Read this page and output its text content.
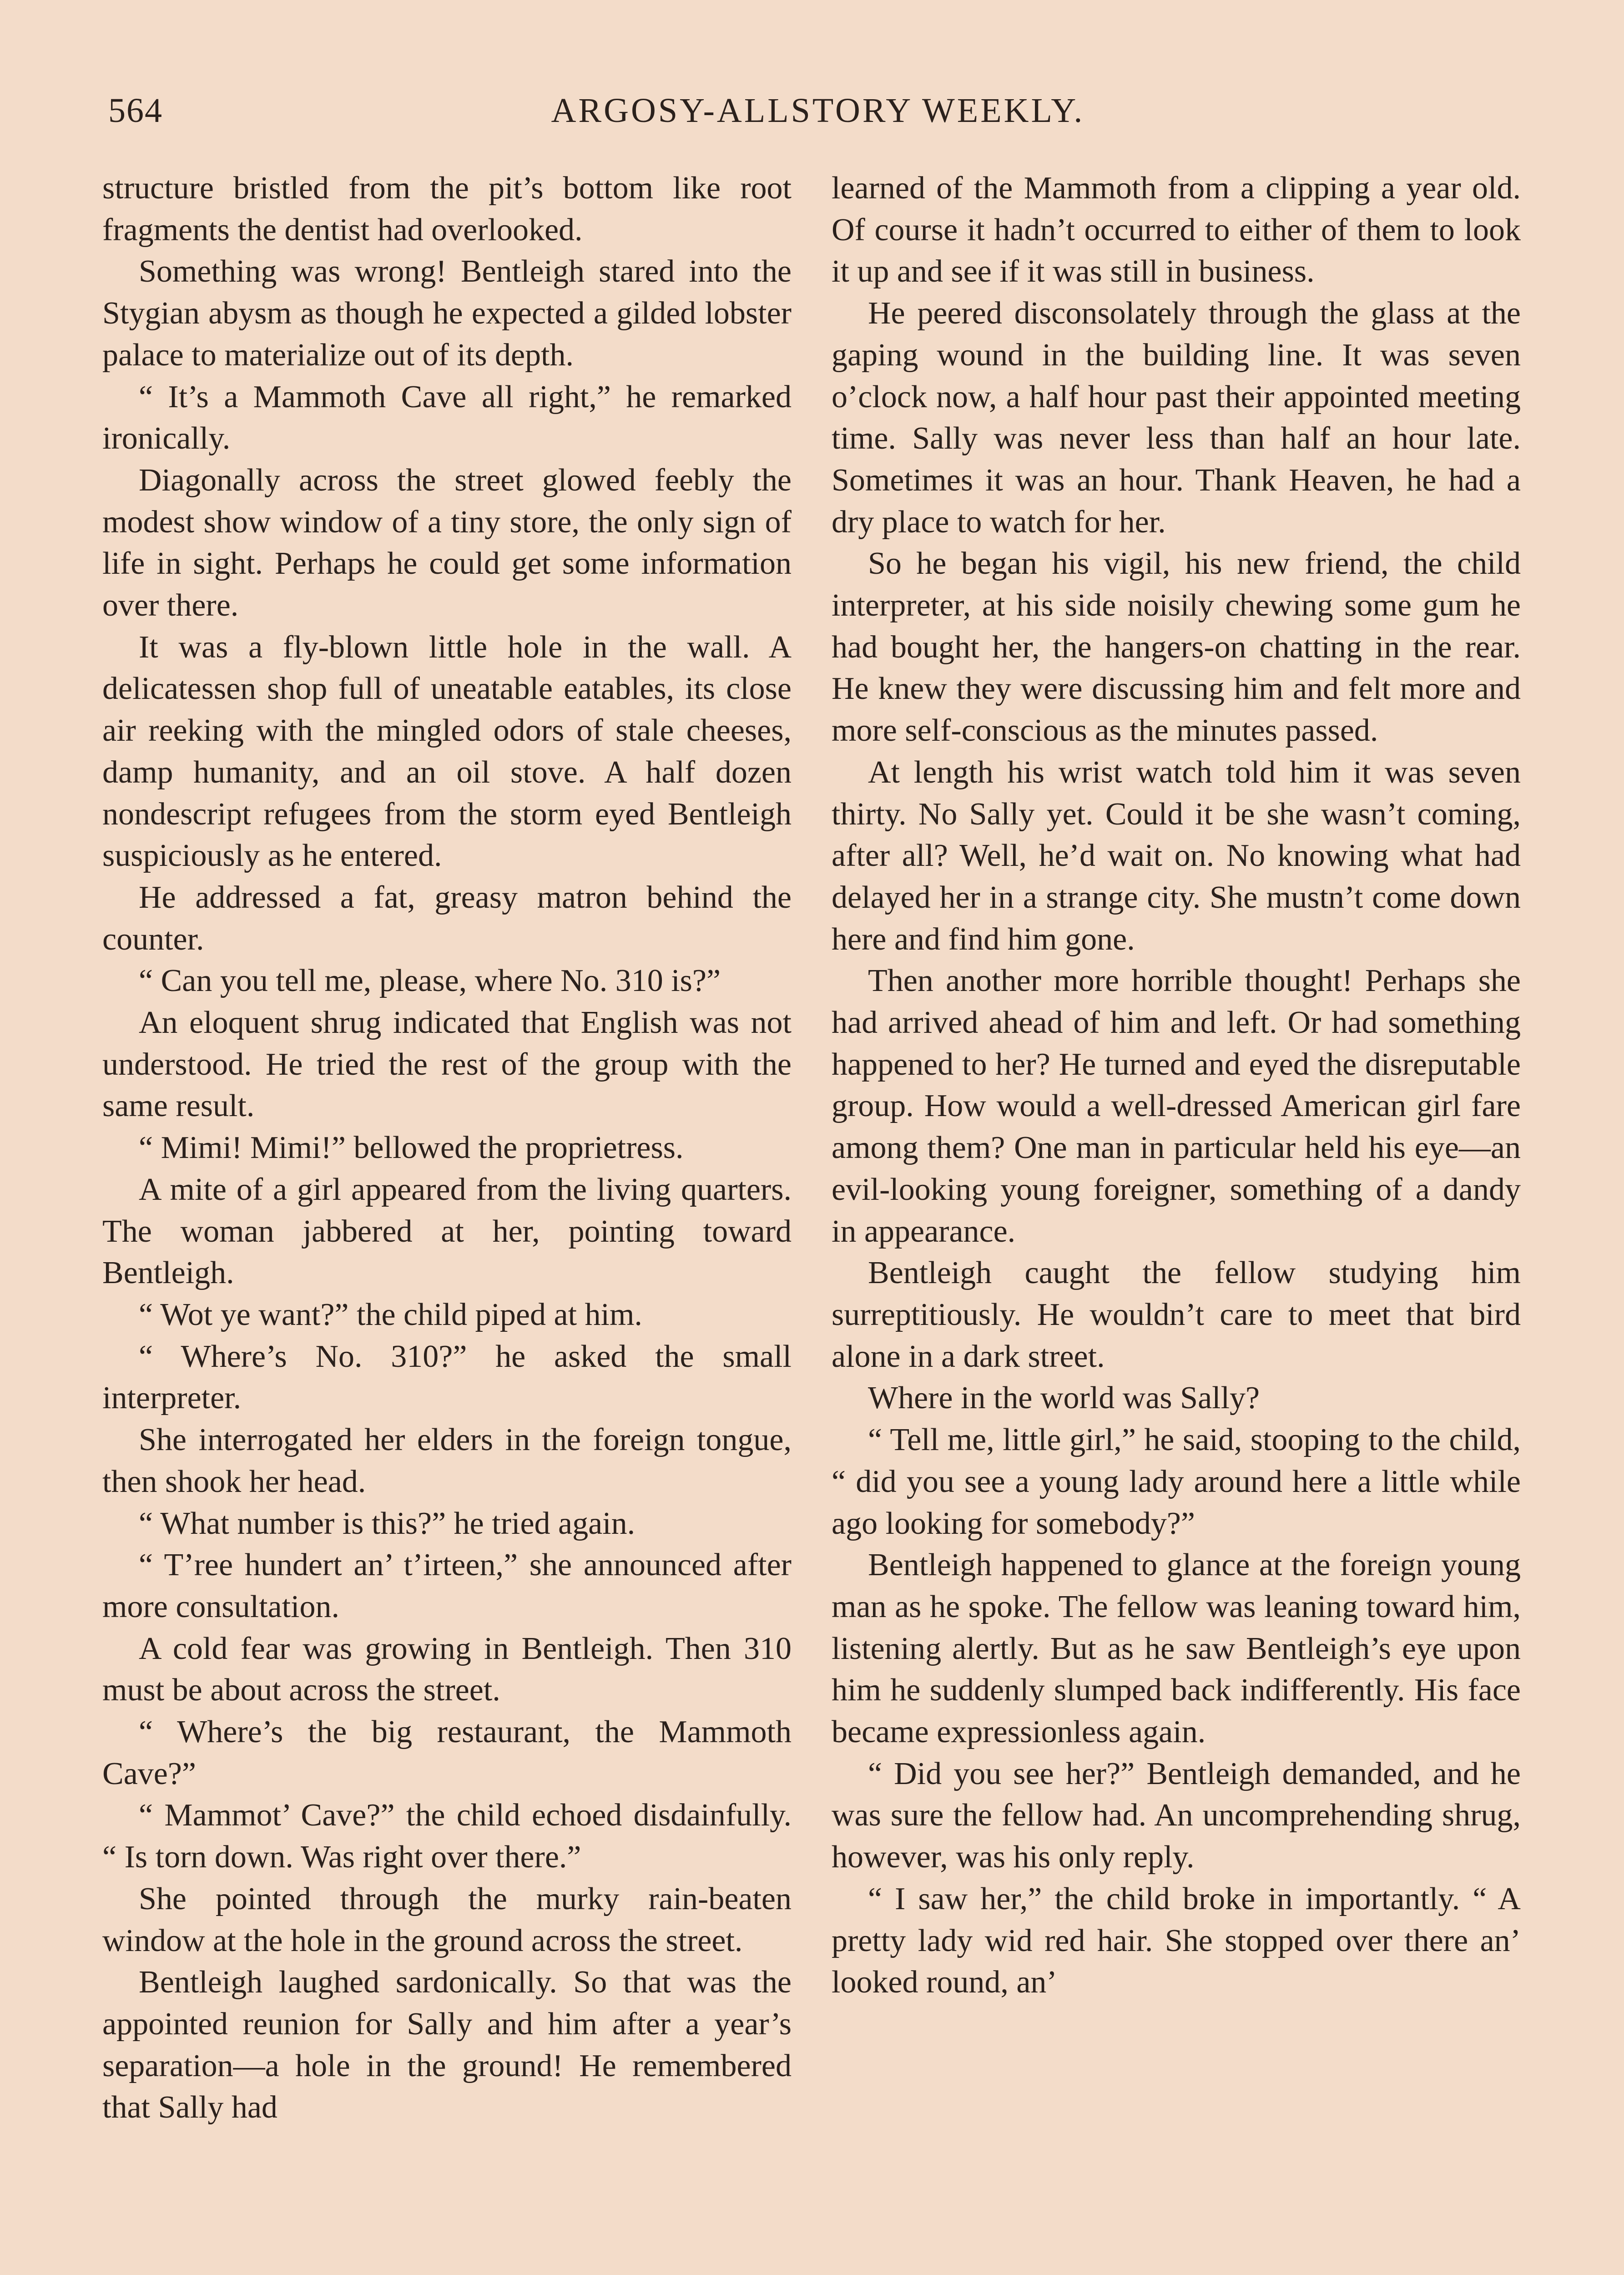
564	ARGOSY-ALLSTORY WEEKLY.

structure bristled from the pit’s bottom like root fragments the dentist had overlooked.

Something was wrong! Bentleigh stared into the Stygian abysm as though he expected a gilded lobster palace to materialize out of its depth.

“ It’s a Mammoth Cave all right,” he remarked ironically.

Diagonally across the street glowed feebly the modest show window of a tiny store, the only sign of life in sight. Perhaps he could get some information over there.

It was a fly-blown little hole in the wall. A delicatessen shop full of uneatable eatables, its close air reeking with the mingled odors of stale cheeses, damp humanity, and an oil stove. A half dozen nondescript refugees from the storm eyed Bentleigh suspiciously as he entered.

He addressed a fat, greasy matron behind the counter.

“ Can you tell me, please, where No. 310 is?”

An eloquent shrug indicated that English was not understood. He tried the rest of the group with the same result.

“ Mimi! Mimi!” bellowed the proprietress.

A mite of a girl appeared from the living quarters. The woman jabbered at her, pointing toward Bentleigh.

“ Wot ye want?” the child piped at him.

“ Where’s No. 310?” he asked the small interpreter.

She interrogated her elders in the foreign tongue, then shook her head.

“ What number is this?” he tried again.

“ T’ree hundert an’ t’irteen,” she announced after more consultation.

A cold fear was growing in Bentleigh. Then 310 must be about across the street.

“ Where’s the big restaurant, the Mammoth Cave?”

“ Mammot’ Cave?” the child echoed disdainfully. “ Is torn down. Was right over there.”

She pointed through the murky rain-beaten window at the hole in the ground across the street.

Bentleigh laughed sardonically. So that was the appointed reunion for Sally and him after a year’s separation—a hole in the ground! He remembered that Sally had

learned of the Mammoth from a clipping a year old. Of course it hadn’t occurred to either of them to look it up and see if it was still in business.

He peered disconsolately through the glass at the gaping wound in the building line. It was seven o’clock now, a half hour past their appointed meeting time. Sally was never less than half an hour late. Sometimes it was an hour. Thank Heaven, he had a dry place to watch for her.

So he began his vigil, his new friend, the child interpreter, at his side noisily chewing some gum he had bought her, the hangers-on chatting in the rear. He knew they were discussing him and felt more and more self-conscious as the minutes passed.

At length his wrist watch told him it was seven thirty. No Sally yet. Could it be she wasn’t coming, after all? Well, he’d wait on. No knowing what had delayed her in a strange city. She mustn’t come down here and find him gone.

Then another more horrible thought! Perhaps she had arrived ahead of him and left. Or had something happened to her? He turned and eyed the disreputable group. How would a well-dressed American girl fare among them? One man in particular held his eye—an evil-looking young foreigner, something of a dandy in appearance.

Bentleigh caught the fellow studying him surreptitiously. He wouldn’t care to meet that bird alone in a dark street.

Where in the world was Sally?

“ Tell me, little girl,” he said, stooping to the child, “ did you see a young lady around here a little while ago looking for somebody?”

Bentleigh happened to glance at the foreign young man as he spoke. The fellow was leaning toward him, listening alertly. But as he saw Bentleigh’s eye upon him he suddenly slumped back indifferently. His face became expressionless again.

“ Did you see her?” Bentleigh demanded, and he was sure the fellow had. An uncomprehending shrug, however, was his only reply.

“ I saw her,” the child broke in importantly. “ A pretty lady wid red hair. She stopped over there an’ looked round, an’
